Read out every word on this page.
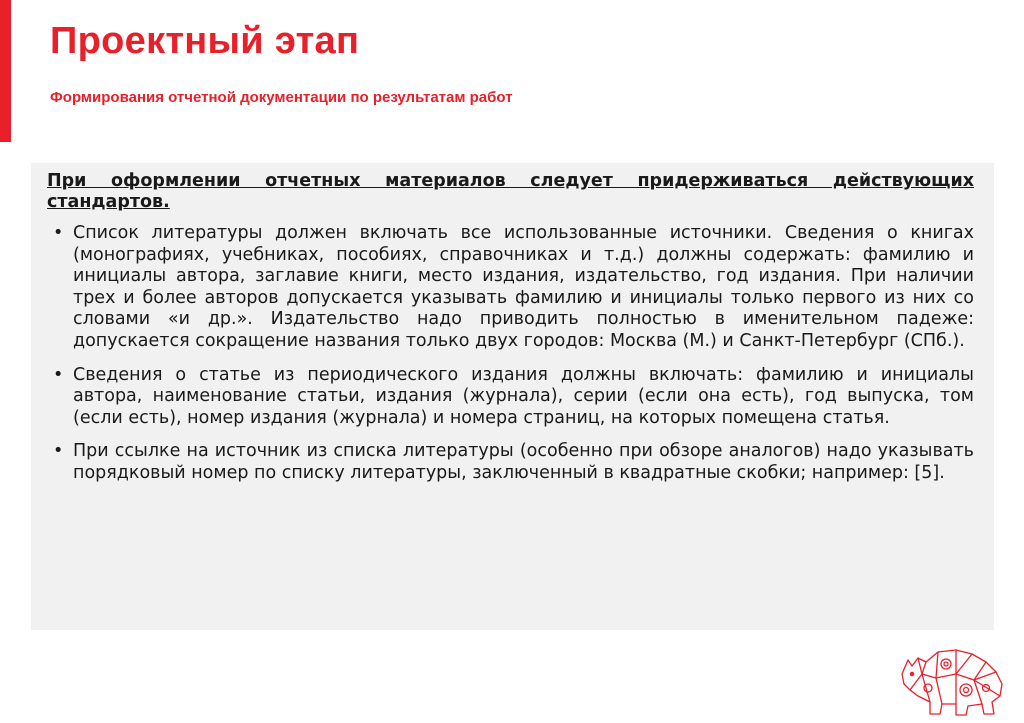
Проектный этап
Формирования отчетной документации по результатам работ

При оформлении отчетных материалов следует придерживаться действующих стандартов.

• Список литературы должен включать все использованные источники. Сведения о книгах (монографиях, учебниках, пособиях, справочниках и т.д.) должны содержать: фамилию и инициалы автора, заглавие книги, место издания, издательство, год издания. При наличии трех и более авторов допускается указывать фамилию и инициалы только первого из них со словами «и др.». Издательство надо приводить полностью в именительном падеже: допускается сокращение названия только двух городов: Москва (М.) и Санкт-Петербург (СПб.).
• Сведения о статье из периодического издания должны включать: фамилию и инициалы автора, наименование статьи, издания (журнала), серии (если она есть), год выпуска, том (если есть), номер издания (журнала) и номера страниц, на которых помещена статья.
• При ссылке на источник из списка литературы (особенно при обзоре аналогов) надо указывать порядковый номер по списку литературы, заключенный в квадратные скобки; например: [5].
